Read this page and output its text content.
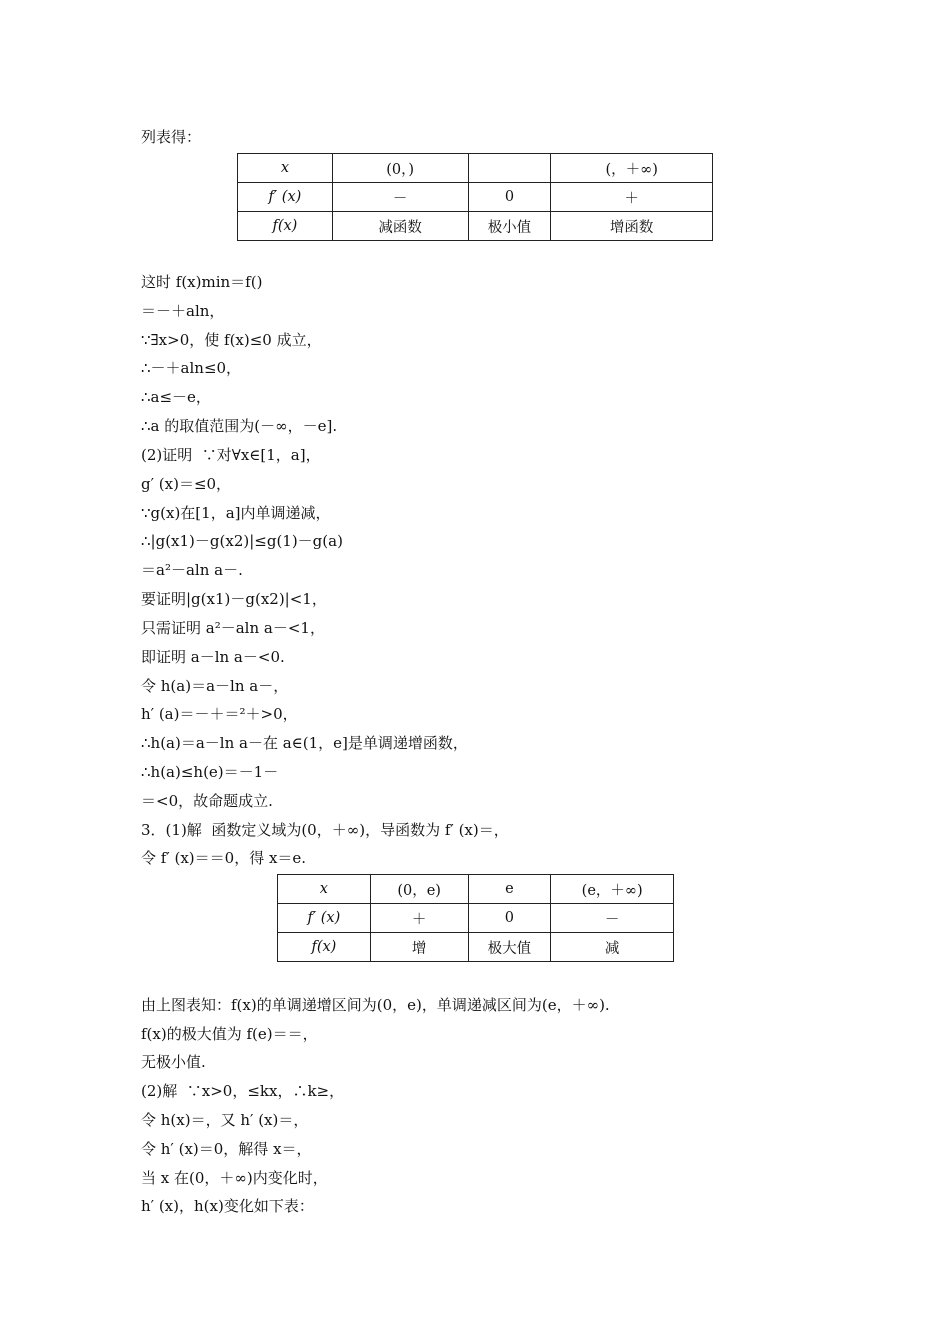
列表得：
x	(0，)		(，＋∞)
f′ (x)	－	0	＋
f(x)	减函数	极小值	增函数
这时 f(x)min＝f()
＝－＋aln，
∵∃x>0，使 f(x)≤0 成立，
∴－＋aln≤0，
∴a≤－e，
∴a 的取值范围为(－∞，－e].
(2)证明  ∵对∀x∈[1，a]，
g′ (x)＝≤0，
∵g(x)在[1，a]内单调递减，
∴|g(x1)－g(x2)|≤g(1)－g(a)
＝a²－aln a－.
要证明|g(x1)－g(x2)|<1，
只需证明 a²－aln a－<1，
即证明 a－ln a－<0.
令 h(a)＝a－ln a－，
h′ (a)＝－＋＝²＋>0，
∴h(a)＝a－ln a－在 a∈(1，e]是单调递增函数，
∴h(a)≤h(e)＝－1－
＝<0，故命题成立.
3．(1)解  函数定义域为(0，＋∞)，导函数为 f′ (x)＝，
令 f′ (x)＝＝0，得 x＝e.
x	(0，e)	e	(e，＋∞)
f′ (x)	＋	0	－
f(x)	增	极大值	减
由上图表知：f(x)的单调递增区间为(0，e)，单调递减区间为(e，＋∞).
f(x)的极大值为 f(e)＝＝，
无极小值.
(2)解  ∵x>0，≤kx，∴k≥，
令 h(x)＝，又 h′ (x)＝，
令 h′ (x)＝0，解得 x＝，
当 x 在(0，＋∞)内变化时，
h′ (x)，h(x)变化如下表：
